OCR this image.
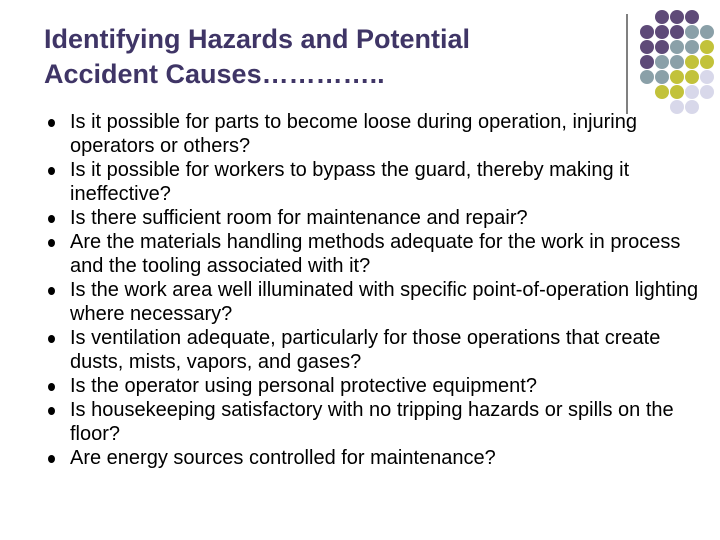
Identifying Hazards and Potential
Accident Causes…………..
Is it possible for parts to become loose during operation, injuring operators or others?
Is it possible for workers to bypass the guard, thereby making it ineffective?
Is there sufficient room for maintenance and repair?
Are the materials handling methods adequate for the work in process and the tooling associated with it?
Is the work area well illuminated with specific point-of-operation lighting where necessary?
Is ventilation adequate, particularly for those operations that create dusts, mists, vapors, and gases?
Is the operator using personal protective equipment?
Is housekeeping satisfactory with no tripping hazards or spills on the floor?
Are energy sources controlled for maintenance?
